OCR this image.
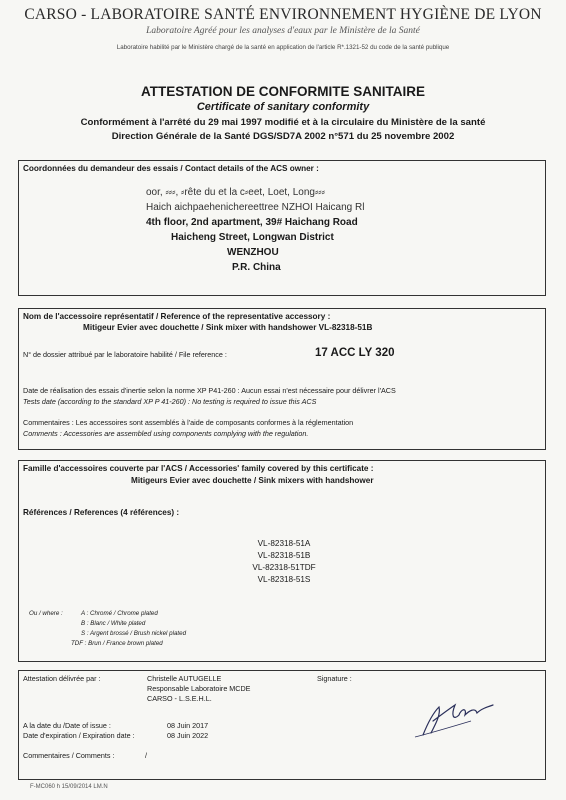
CARSO - LABORATOIRE SANTÉ ENVIRONNEMENT HYGIÈNE DE LYON
Laboratoire Agréé pour les analyses d'eaux par le Ministère de la Santé
Laboratoire habilité par le Ministère chargé de la santé en application de l'article R*.1321-52 du code de la santé publique
ATTESTATION DE CONFORMITE SANITAIRE
Certificate of sanitary conformity
Conformément à l'arrêté du 29 mai 1997 modifié et à la circulaire du Ministère de la santé
Direction Générale de la Santé DGS/SD7A 2002 n°571 du 25 novembre 2002
Coordonnées du demandeur des essais / Contact details of the ACS owner :
oor, ⸗⸗⸗, ⸗rête du et la c⸗eet, Loet, Long⸗⸗⸗
Haich aichpaehenichereettree NZHOI Haicang Rl
4th floor, 2nd apartment, 39# Haichang Road
Haicheng Street, Longwan District
WENZHOU
P.R. China
Nom de l'accessoire représentatif / Reference of the representative accessory :
Mitigeur Evier avec douchette / Sink mixer with handshower VL-82318-51B
N° de dossier attribué par le laboratoire habilité / File reference :	17 ACC LY 320
Date de réalisation des essais d'inertie selon la norme XP P41-260 : Aucun essai n'est nécessaire pour délivrer l'ACS
Tests date (according to the standard XP P 41-260) : No testing is required to issue this ACS
Commentaires : Les accessoires sont assemblés à l'aide de composants conformes à la réglementation
Comments : Accessories are assembled using components complying with the regulation.
Famille d'accessoires couverte par l'ACS / Accessories' family covered by this certificate :
Mitigeurs Evier avec douchette / Sink mixers with handshower
Références / References (4 références) :
VL-82318-51A
VL-82318-51B
VL-82318-51TDF
VL-82318-51S
Ou / where :	A : Chromé / Chrome plated
B : Blanc / White plated
S : Argent brossé / Brush nickel plated
TDF : Brun / France brown plated
Attestation délivrée par :	Christelle AUTUGELLE
Responsable Laboratoire MCDE
CARSO - L.S.E.H.L.
Signature :
A la date du /Date of issue :	08 Juin 2017
Date d'expiration / Expiration date :	08 Juin 2022
Commentaires / Comments :	/
F-MC060 h 15/09/2014 LM.N
